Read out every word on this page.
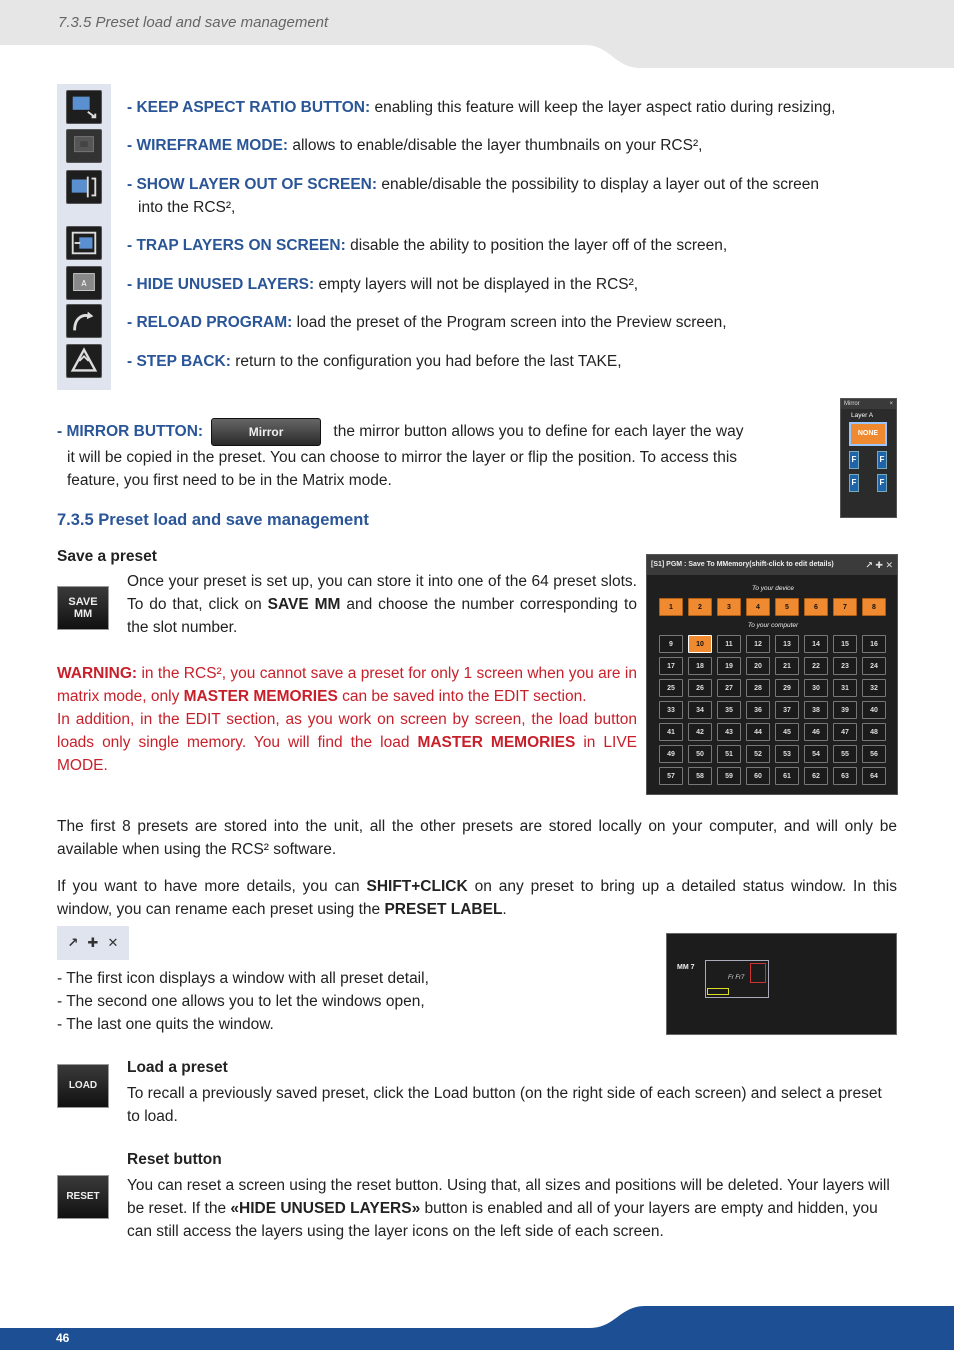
7.3.5 Preset load and save management
A
- KEEP ASPECT RATIO BUTTON: enabling this feature will keep the layer aspect ratio during resizing,
- WIREFRAME MODE: allows to enable/disable the layer thumbnails on your RCS²,
- SHOW LAYER OUT OF SCREEN: enable/disable the possibility to display a layer out of the screen
into the RCS²,
- TRAP LAYERS ON SCREEN: disable the ability to position the layer off of the screen,
- HIDE UNUSED LAYERS: empty layers will not be displayed in the RCS²,
- RELOAD PROGRAM: load the preset of the Program screen into the Preview screen,
- STEP BACK: return to the configuration you had before the last TAKE,
- MIRROR BUTTON:	Mirror	the mirror button allows you to define for each layer the way
it will be copied in the preset. You can choose to mirror the layer or flip the position. To access this
feature, you first need to be in the Matrix mode.
Mirror	×
Layer A
NONE
F	F
F	F
7.3.5 Preset load and save management
Save a preset
SAVE
MM
Once your preset is set up, you can store it into one of the 64 preset slots. To do that, click on SAVE MM and choose the number corresponding to the slot number.
WARNING: in the RCS², you cannot save a preset for only 1 screen when you are in matrix mode, only MASTER MEMORIES can be saved into the EDIT section.
In addition, in the EDIT section, as you work on screen by screen, the load button loads only single memory. You will find the load MASTER MEMORIES in LIVE MODE.
[S1] PGM : Save To MMemory(shift-click to edit details)	↗ ✚ ✕
To your device
1	2	3	4	5	6	7	8
To your computer
9	10	11	12	13	14	15	16
17	18	19	20	21	22	23	24
25	26	27	28	29	30	31	32
33	34	35	36	37	38	39	40
41	42	43	44	45	46	47	48
49	50	51	52	53	54	55	56
57	58	59	60	61	62	63	64
The first 8 presets are stored into the unit, all the other presets are stored locally on your computer, and will only be available when using the RCS² software.
If you want to have more details, you can SHIFT+CLICK on any preset to bring up a detailed status window. In this window, you can rename each preset using the PRESET LABEL.
↗ ✚ ✕
- The first icon displays a window with all preset detail,
- The second one allows you to let the windows open,
- The last one quits the window.
MM 7
Fr Fr7
LOAD
Load a preset
To recall a previously saved preset, click the Load button (on the right side of each screen) and select a preset to load.
RESET
Reset button
You can reset a screen using the reset button. Using that, all sizes and positions will be deleted. Your layers will be reset. If the «HIDE UNUSED LAYERS» button is enabled and all of your layers are empty and hidden, you can still access the layers using the layer icons on the left side of each screen.
46
